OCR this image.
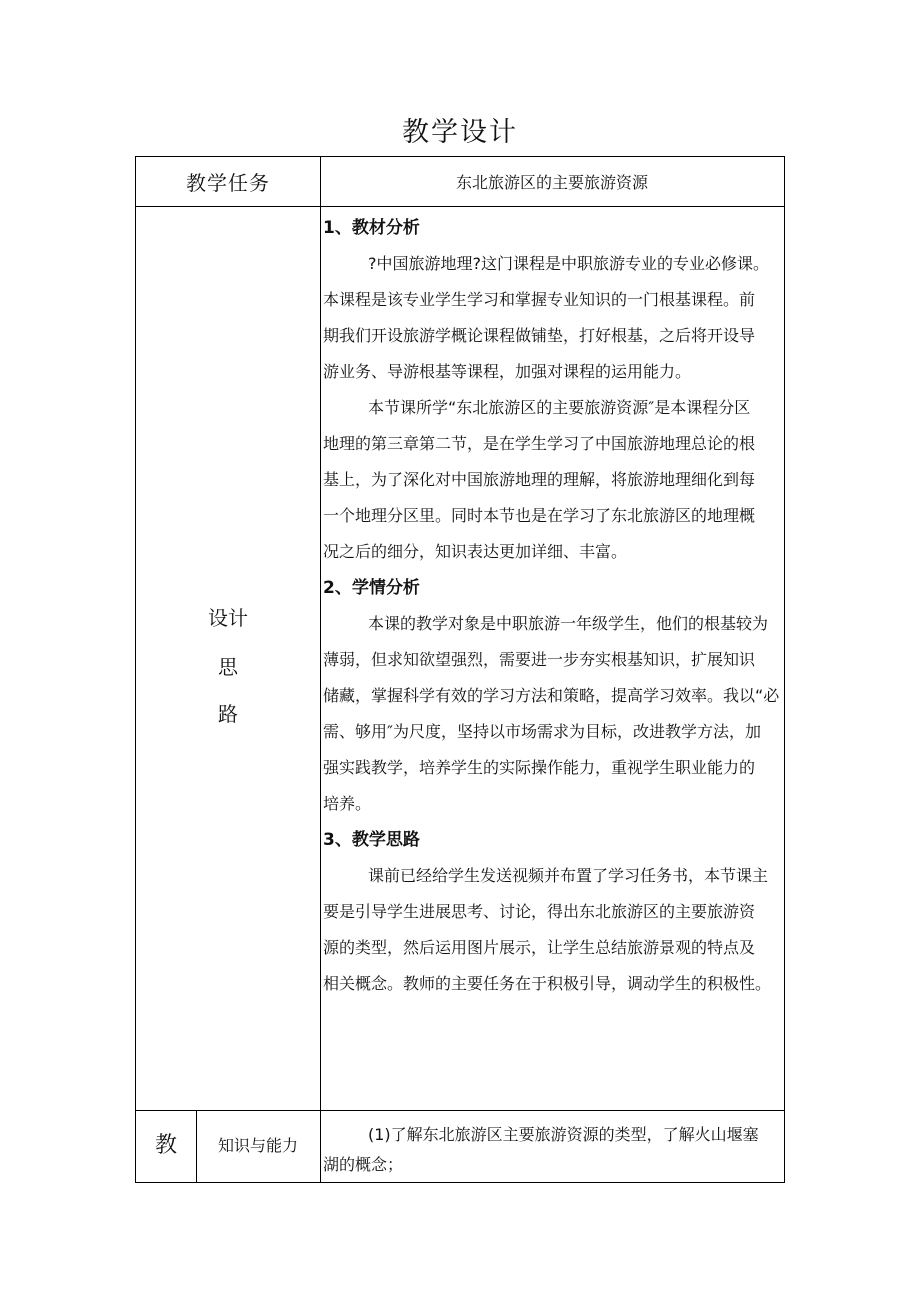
教学设计
教学任务	东北旅游区的主要旅游资源
设计
思
路
1、教材分析
?中国旅游地理?这门课程是中职旅游专业的专业必修课。
本课程是该专业学生学习和掌握专业知识的一门根基课程。前
期我们开设旅游学概论课程做铺垫，打好根基，之后将开设导
游业务、导游根基等课程，加强对课程的运用能力。
本节课所学“东北旅游区的主要旅游资源″是本课程分区
地理的第三章第二节，是在学生学习了中国旅游地理总论的根
基上，为了深化对中国旅游地理的理解，将旅游地理细化到每
一个地理分区里。同时本节也是在学习了东北旅游区的地理概
况之后的细分，知识表达更加详细、丰富。
2、学情分析
本课的教学对象是中职旅游一年级学生，他们的根基较为
薄弱，但求知欲望强烈，需要进一步夯实根基知识，扩展知识
储藏，掌握科学有效的学习方法和策略，提高学习效率。我以“必
需、够用″为尺度，坚持以市场需求为目标，改进教学方法，加
强实践教学，培养学生的实际操作能力，重视学生职业能力的
培养。
3、教学思路
课前已经给学生发送视频并布置了学习任务书，本节课主
要是引导学生进展思考、讨论，得出东北旅游区的主要旅游资
源的类型，然后运用图片展示，让学生总结旅游景观的特点及
相关概念。教师的主要任务在于积极引导，调动学生的积极性。
教	知识与能力
(1)了解东北旅游区主要旅游资源的类型，了解火山堰塞
湖的概念；
